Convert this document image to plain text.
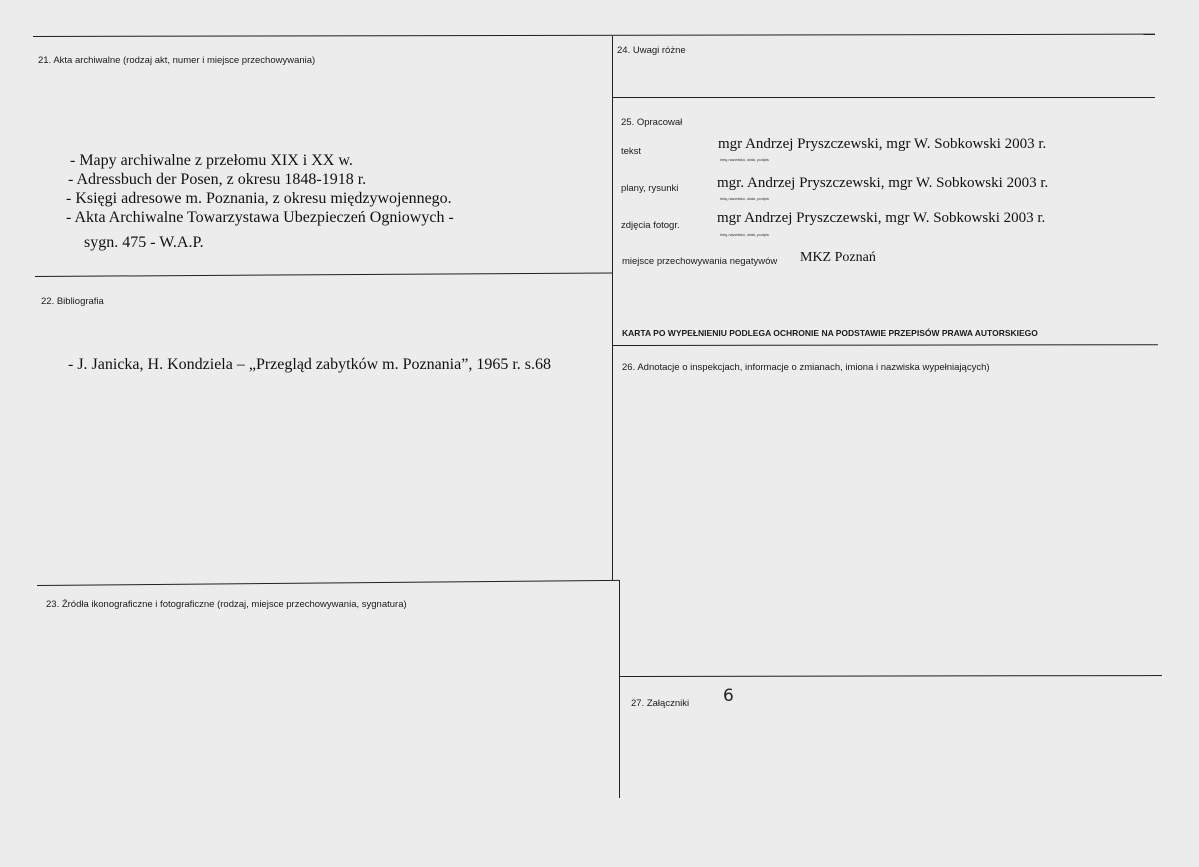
21. Akta archiwalne (rodzaj akt, numer i miejsce przechowywania)
- Mapy archiwalne z przełomu XIX i XX w.
- Adressbuch der Posen, z okresu 1848-1918 r.
- Księgi adresowe m. Poznania, z okresu międzywojennego.
- Akta Archiwalne Towarzystawa Ubezpieczeń Ogniowych -
sygn. 475 - W.A.P.
22. Bibliografia
- J. Janicka, H. Kondziela – „Przegląd zabytków m. Poznania”, 1965 r. s.68
23. Źródła ikonograficzne i fotograficzne (rodzaj, miejsce przechowywania, sygnatura)
24. Uwagi różne
25. Opracował
tekst	mgr Andrzej Pryszczewski, mgr W. Sobkowski 2003 r.
imię,nazwisko, data, podpis
plany, rysunki	mgr. Andrzej Pryszczewski, mgr W. Sobkowski 2003 r.
imię,nazwisko, data, podpis
zdjęcia fotogr. mgr Andrzej Pryszczewski, mgr W. Sobkowski 2003 r.
imię,nazwisko, data, podpis
miejsce przechowywania negatywów MKZ Poznań
KARTA PO WYPEŁNIENIU PODLEGA OCHRONIE NA PODSTAWIE PRZEPISÓW PRAWA AUTORSKIEGO
26. Adnotacje o inspekcjach, informacje o zmianach, imiona i nazwiska wypełniających)
27. Załączniki 6
